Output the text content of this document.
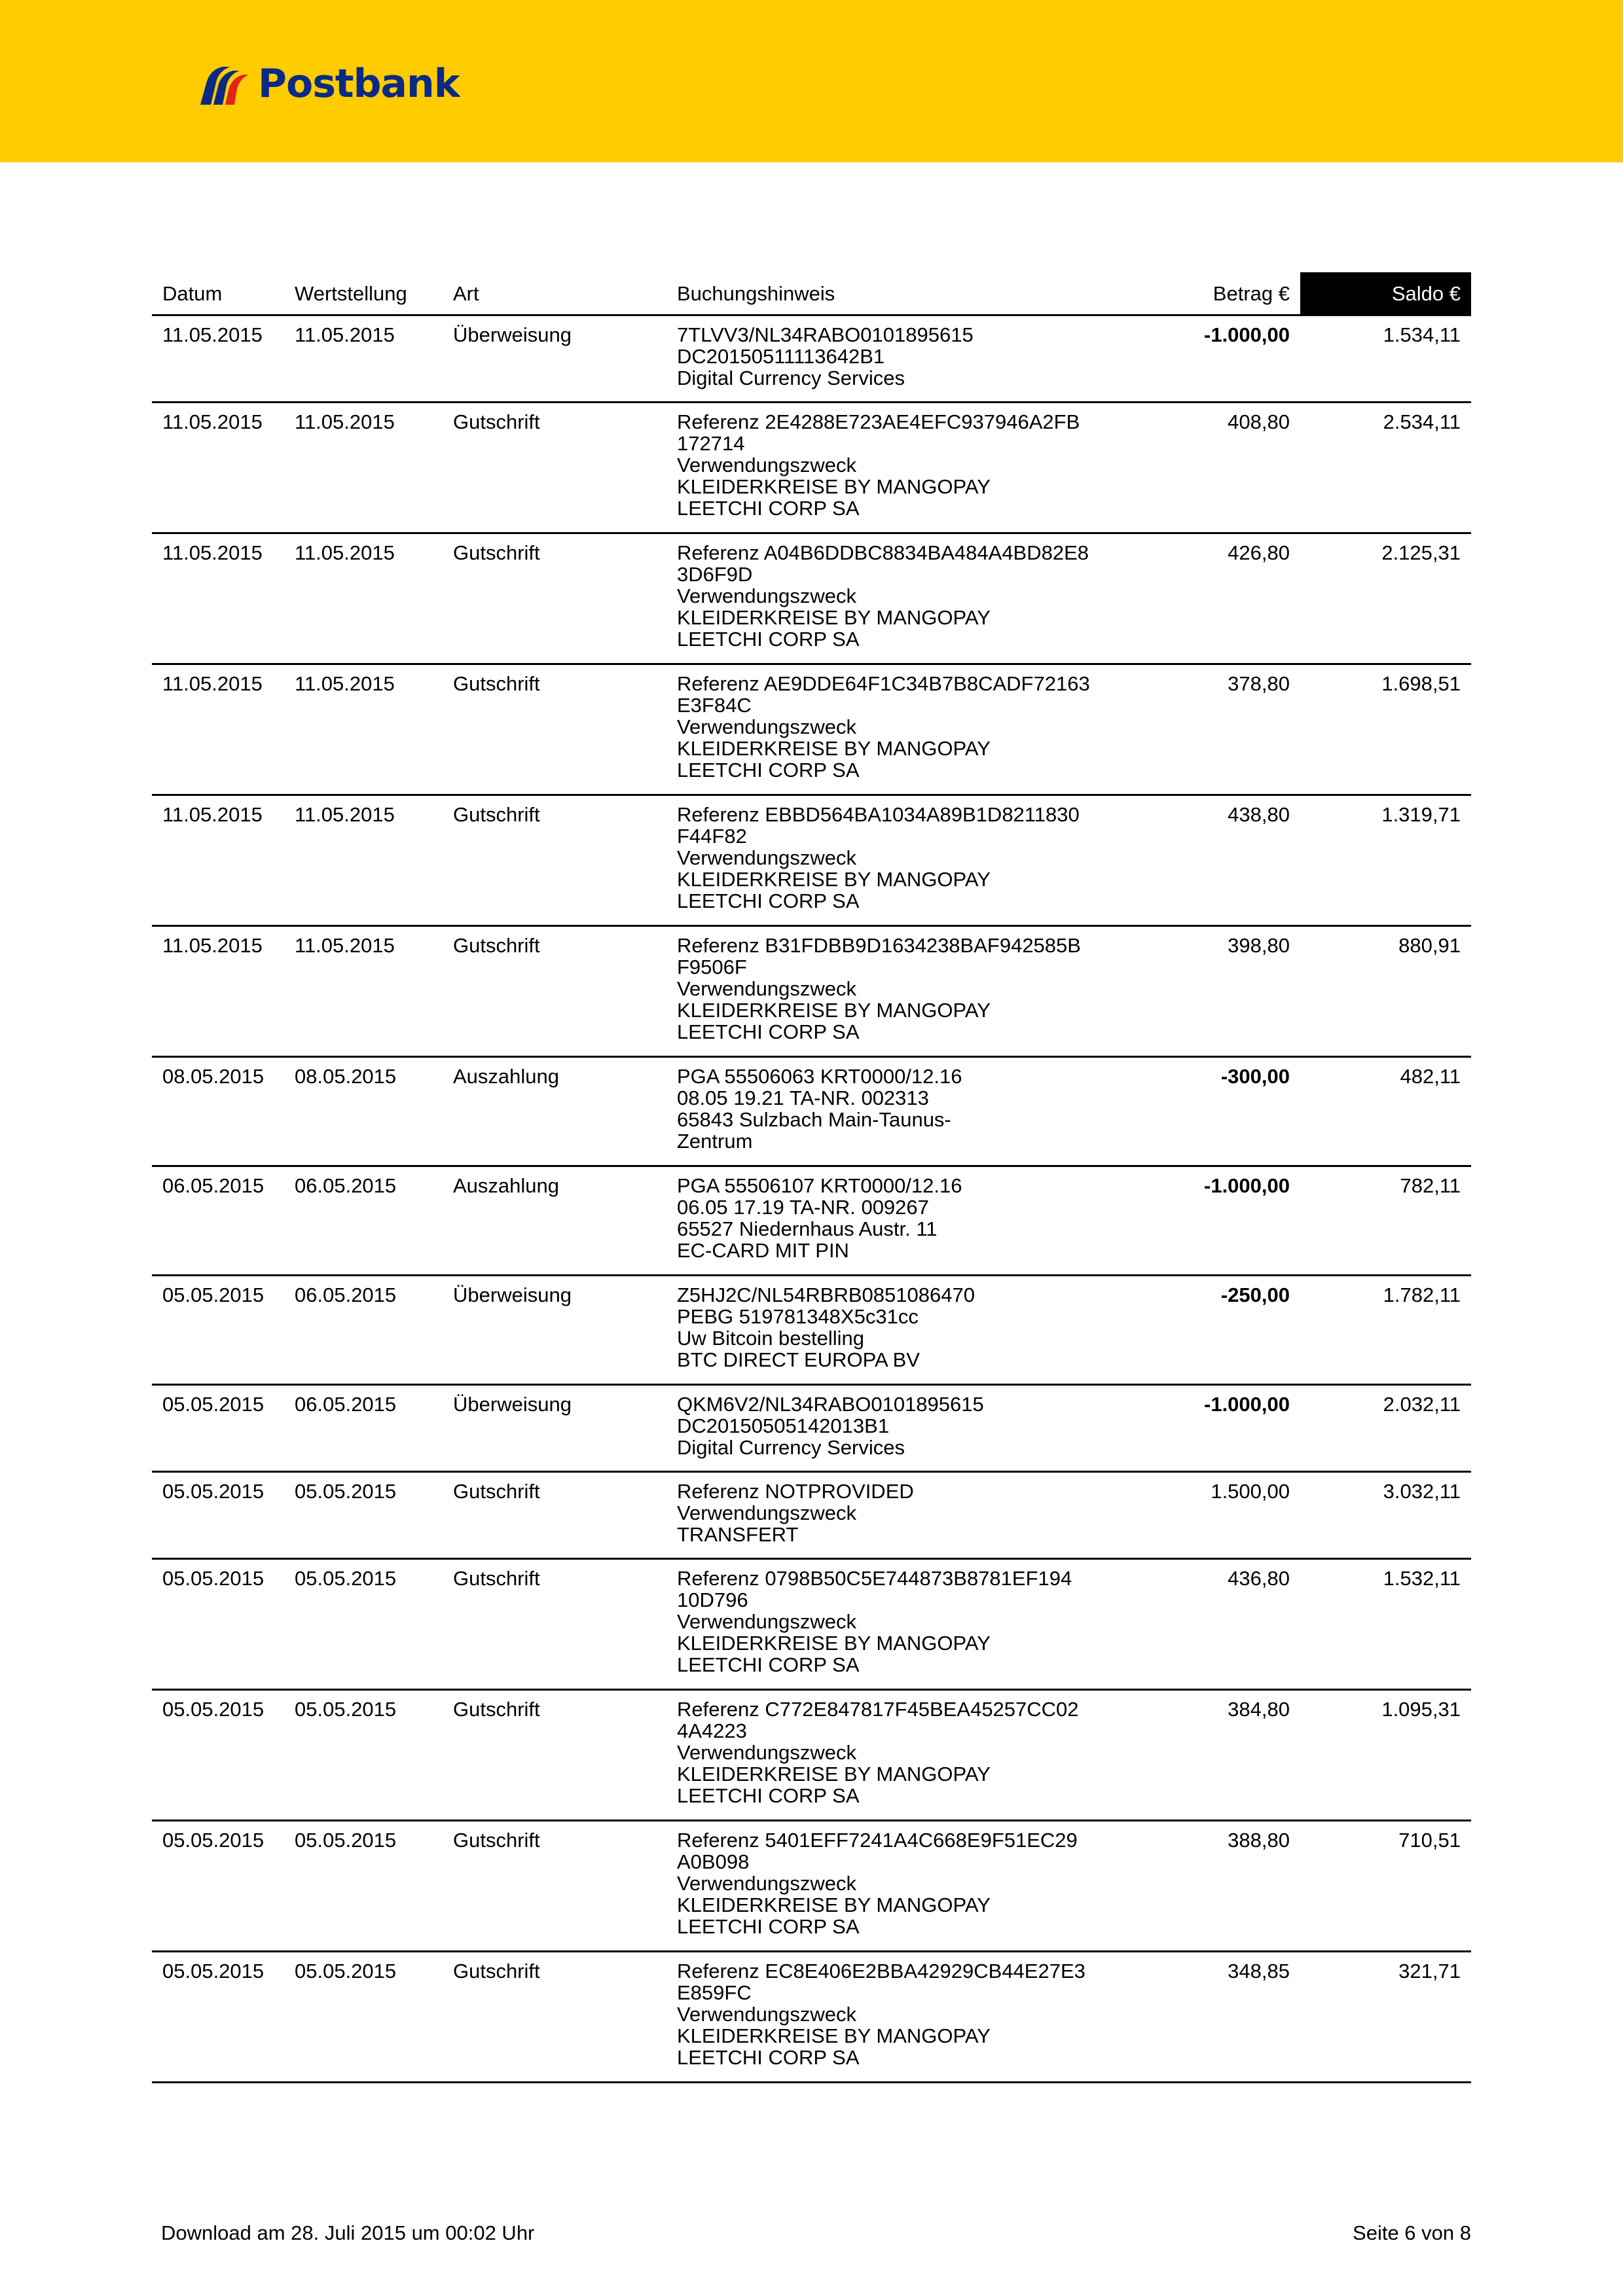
Postbank
Datum	Wertstellung	Art	Buchungshinweis	Betrag €	Saldo €
11.05.2015	11.05.2015	Überweisung	7TLVV3/NL34RABO0101895615
DC20150511113642B1
Digital Currency Services	-1.000,00	1.534,11
11.05.2015	11.05.2015	Gutschrift	Referenz 2E4288E723AE4EFC937946A2FB
172714
Verwendungszweck
KLEIDERKREISE BY MANGOPAY
LEETCHI CORP SA	408,80	2.534,11
11.05.2015	11.05.2015	Gutschrift	Referenz A04B6DDBC8834BA484A4BD82E8
3D6F9D
Verwendungszweck
KLEIDERKREISE BY MANGOPAY
LEETCHI CORP SA	426,80	2.125,31
11.05.2015	11.05.2015	Gutschrift	Referenz AE9DDE64F1C34B7B8CADF72163
E3F84C
Verwendungszweck
KLEIDERKREISE BY MANGOPAY
LEETCHI CORP SA	378,80	1.698,51
11.05.2015	11.05.2015	Gutschrift	Referenz EBBD564BA1034A89B1D8211830
F44F82
Verwendungszweck
KLEIDERKREISE BY MANGOPAY
LEETCHI CORP SA	438,80	1.319,71
11.05.2015	11.05.2015	Gutschrift	Referenz B31FDBB9D1634238BAF942585B
F9506F
Verwendungszweck
KLEIDERKREISE BY MANGOPAY
LEETCHI CORP SA	398,80	880,91
08.05.2015	08.05.2015	Auszahlung	PGA 55506063 KRT0000/12.16
08.05 19.21 TA-NR. 002313
65843 Sulzbach Main-Taunus-
Zentrum	-300,00	482,11
06.05.2015	06.05.2015	Auszahlung	PGA 55506107 KRT0000/12.16
06.05 17.19 TA-NR. 009267
65527 Niedernhaus Austr. 11
EC-CARD MIT PIN	-1.000,00	782,11
05.05.2015	06.05.2015	Überweisung	Z5HJ2C/NL54RBRB0851086470
PEBG 519781348X5c31cc
Uw Bitcoin bestelling
BTC DIRECT EUROPA BV	-250,00	1.782,11
05.05.2015	06.05.2015	Überweisung	QKM6V2/NL34RABO0101895615
DC20150505142013B1
Digital Currency Services	-1.000,00	2.032,11
05.05.2015	05.05.2015	Gutschrift	Referenz NOTPROVIDED
Verwendungszweck
TRANSFERT	1.500,00	3.032,11
05.05.2015	05.05.2015	Gutschrift	Referenz 0798B50C5E744873B8781EF194
10D796
Verwendungszweck
KLEIDERKREISE BY MANGOPAY
LEETCHI CORP SA	436,80	1.532,11
05.05.2015	05.05.2015	Gutschrift	Referenz C772E847817F45BEA45257CC02
4A4223
Verwendungszweck
KLEIDERKREISE BY MANGOPAY
LEETCHI CORP SA	384,80	1.095,31
05.05.2015	05.05.2015	Gutschrift	Referenz 5401EFF7241A4C668E9F51EC29
A0B098
Verwendungszweck
KLEIDERKREISE BY MANGOPAY
LEETCHI CORP SA	388,80	710,51
05.05.2015	05.05.2015	Gutschrift	Referenz EC8E406E2BBA42929CB44E27E3
E859FC
Verwendungszweck
KLEIDERKREISE BY MANGOPAY
LEETCHI CORP SA	348,85	321,71
Download am 28. Juli 2015 um 00:02 Uhr	Seite 6 von 8
